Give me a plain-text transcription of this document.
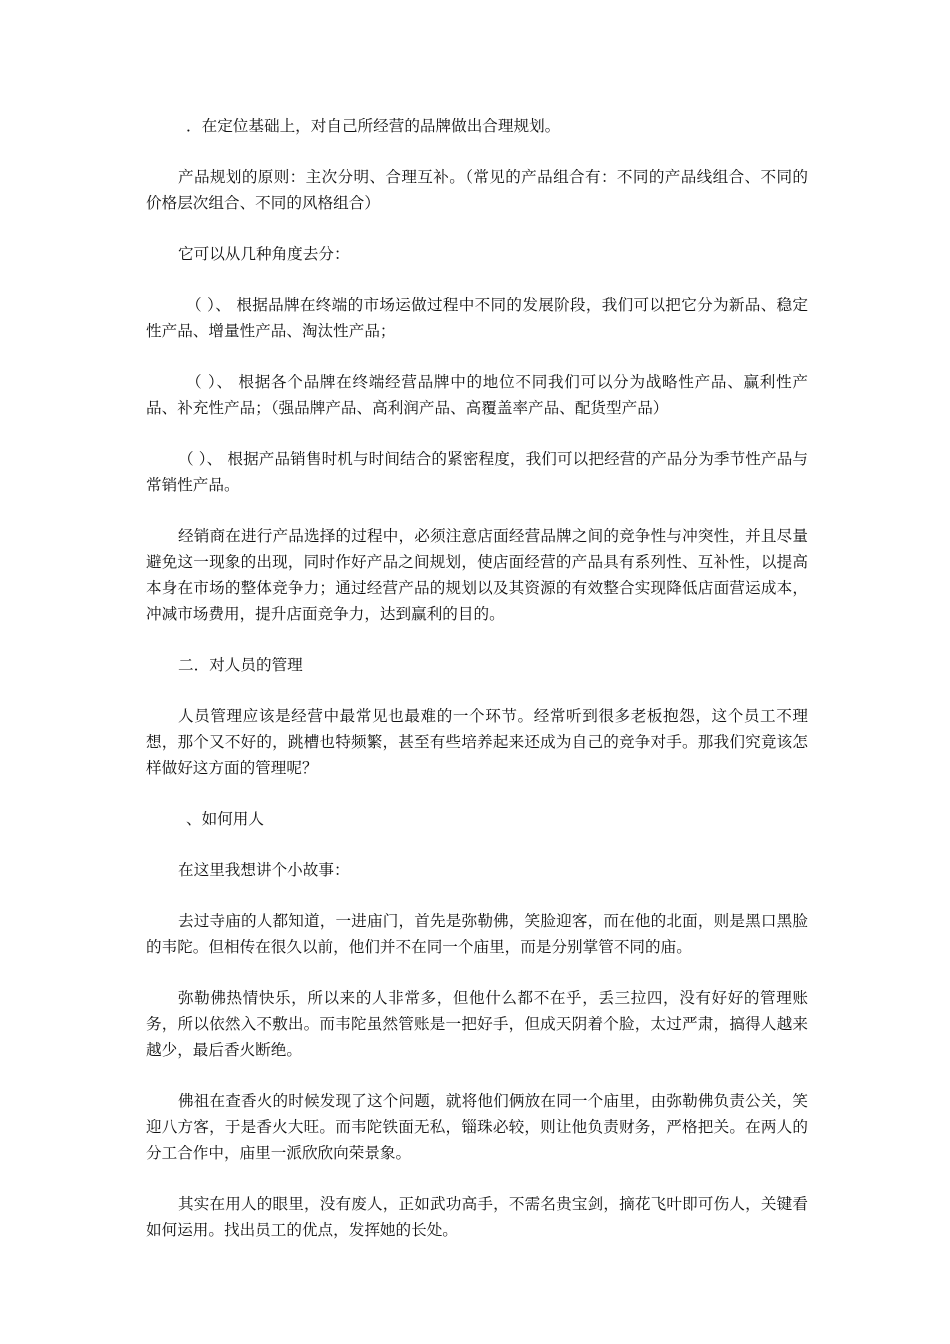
．在定位基础上，对自己所经营的品牌做出合理规划。

产品规划的原则：主次分明、合理互补。（常见的产品组合有：不同的产品线组合、不同的价格层次组合、不同的风格组合）

它可以从几种角度去分：

（ ）、 根据品牌在终端的市场运做过程中不同的发展阶段，我们可以把它分为新品、稳定性产品、增量性产品、淘汰性产品；

（ ）、 根据各个品牌在终端经营品牌中的地位不同我们可以分为战略性产品、赢利性产品、补充性产品；（强品牌产品、高利润产品、高覆盖率产品、配货型产品）

（ ）、 根据产品销售时机与时间结合的紧密程度，我们可以把经营的产品分为季节性产品与常销性产品。

经销商在进行产品选择的过程中，必须注意店面经营品牌之间的竞争性与冲突性，并且尽量避免这一现象的出现，同时作好产品之间规划，使店面经营的产品具有系列性、互补性，以提高本身在市场的整体竞争力；通过经营产品的规划以及其资源的有效整合实现降低店面营运成本，冲减市场费用，提升店面竞争力，达到赢利的目的。

二．对人员的管理

人员管理应该是经营中最常见也最难的一个环节。经常听到很多老板抱怨，这个员工不理想，那个又不好的，跳槽也特频繁，甚至有些培养起来还成为自己的竞争对手。那我们究竟该怎样做好这方面的管理呢？

、如何用人

在这里我想讲个小故事：

去过寺庙的人都知道，一进庙门，首先是弥勒佛，笑脸迎客，而在他的北面，则是黑口黑脸的韦陀。但相传在很久以前，他们并不在同一个庙里，而是分别掌管不同的庙。

弥勒佛热情快乐，所以来的人非常多，但他什么都不在乎，丢三拉四，没有好好的管理账务，所以依然入不敷出。而韦陀虽然管账是一把好手，但成天阴着个脸，太过严肃，搞得人越来越少，最后香火断绝。

佛祖在查香火的时候发现了这个问题，就将他们俩放在同一个庙里，由弥勒佛负责公关，笑迎八方客，于是香火大旺。而韦陀铁面无私，锱珠必较，则让他负责财务，严格把关。在两人的分工合作中，庙里一派欣欣向荣景象。

其实在用人的眼里，没有废人，正如武功高手，不需名贵宝剑，摘花飞叶即可伤人，关键看如何运用。找出员工的优点，发挥她的长处。
